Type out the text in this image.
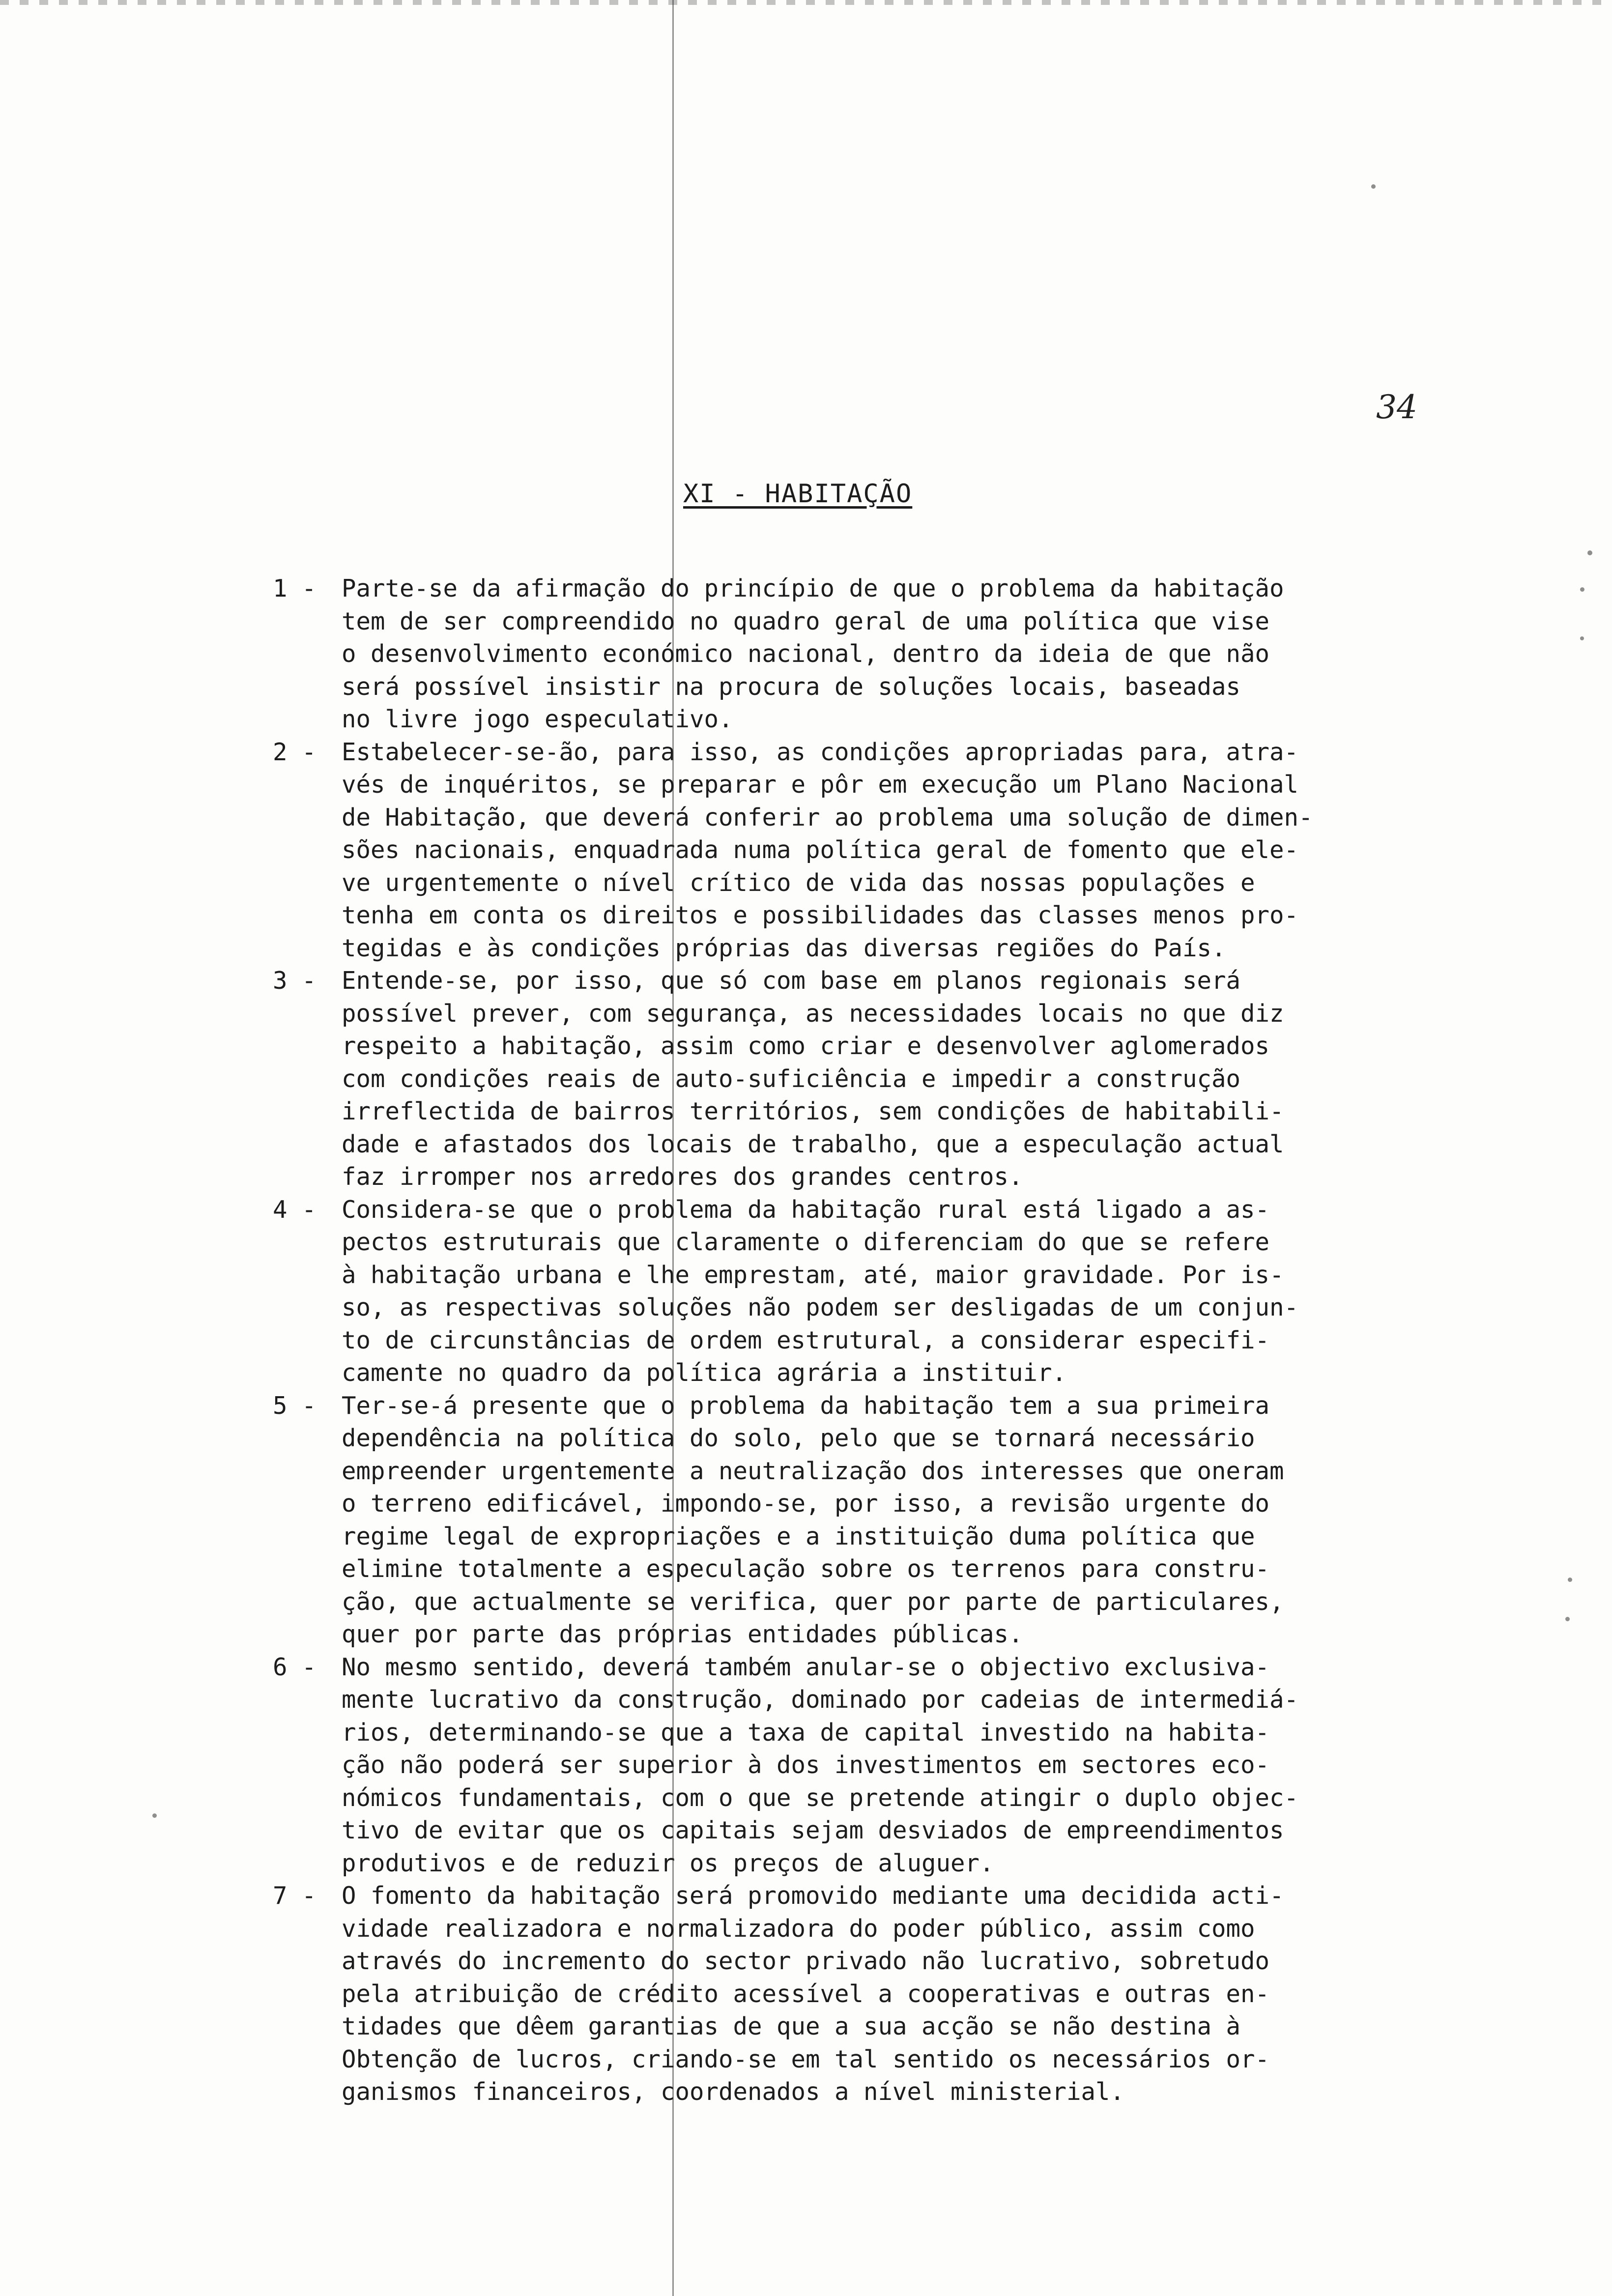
34
XI - HABITAÇÃO
1 -	Parte-se da afirmação do princípio de que o problema da habitação
tem de ser compreendido no quadro geral de uma política que vise
o desenvolvimento económico nacional, dentro da ideia de que não
será possível insistir na procura de soluções locais, baseadas
no livre jogo especulativo.
2 -	Estabelecer-se-ão, para isso, as condições apropriadas para, atra-
vés de inquéritos, se preparar e pôr em execução um Plano Nacional
de Habitação, que deverá conferir ao problema uma solução de dimen-
sões nacionais, enquadrada numa política geral de fomento que ele-
ve urgentemente o nível crítico de vida das nossas populações e
tenha em conta os direitos e possibilidades das classes menos pro-
tegidas e às condições próprias das diversas regiões do País.
3 -	Entende-se, por isso, que só com base em planos regionais será
possível prever, com segurança, as necessidades locais no que diz
respeito a habitação, assim como criar e desenvolver aglomerados
com condições reais de auto-suficiência e impedir a construção
irreflectida de bairros territórios, sem condições de habitabili-
dade e afastados dos locais de trabalho, que a especulação actual
faz irromper nos arredores dos grandes centros.
4 -	Considera-se que o problema da habitação rural está ligado a as-
pectos estruturais que claramente o diferenciam do que se refere
à habitação urbana e lhe emprestam, até, maior gravidade. Por is-
so, as respectivas soluções não podem ser desligadas de um conjun-
to de circunstâncias de ordem estrutural, a considerar especifi-
camente no quadro da política agrária a instituir.
5 -	Ter-se-á presente que o problema da habitação tem a sua primeira
dependência na política do solo, pelo que se tornará necessário
empreender urgentemente a neutralização dos interesses que oneram
o terreno edificável, impondo-se, por isso, a revisão urgente do
regime legal de expropriações e a instituição duma política que
elimine totalmente a especulação sobre os terrenos para constru-
ção, que actualmente se verifica, quer por parte de particulares,
quer por parte das próprias entidades públicas.
6 -	No mesmo sentido, deverá também anular-se o objectivo exclusiva-
mente lucrativo da construção, dominado por cadeias de intermediá-
rios, determinando-se que a taxa de capital investido na habita-
ção não poderá ser superior à dos investimentos em sectores eco-
nómicos fundamentais, com o que se pretende atingir o duplo objec-
tivo de evitar que os capitais sejam desviados de empreendimentos
produtivos e de reduzir os preços de aluguer.
7 -	O fomento da habitação será promovido mediante uma decidida acti-
vidade realizadora e normalizadora do poder público, assim como
através do incremento do sector privado não lucrativo, sobretudo
pela atribuição de crédito acessível a cooperativas e outras en-
tidades que dêem garantias de que a sua acção se não destina à
Obtenção de lucros, criando-se em tal sentido os necessários or-
ganismos financeiros, coordenados a nível ministerial.
